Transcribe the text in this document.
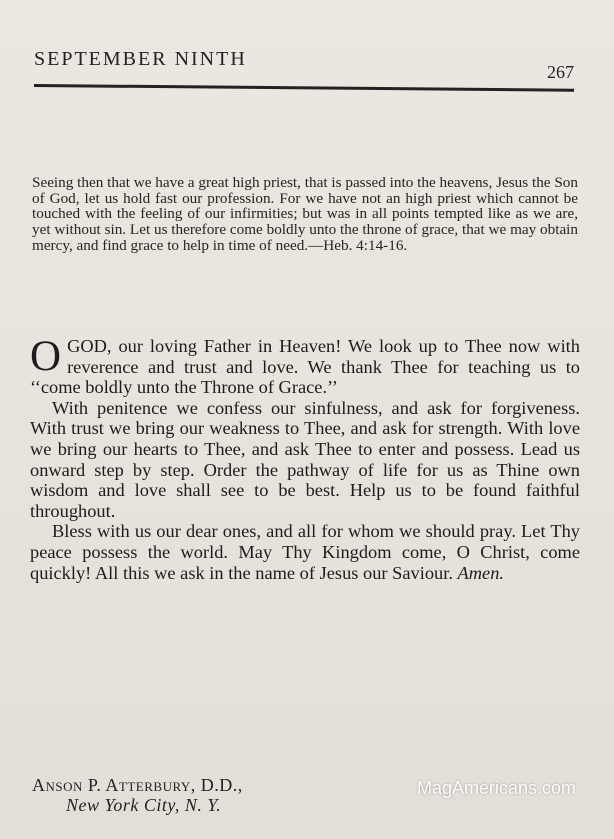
SEPTEMBER NINTH
267

Seeing then that we have a great high priest, that is passed into the heavens, Jesus the Son of God, let us hold fast our profession. For we have not an high priest which cannot be touched with the feeling of our infirmities; but was in all points tempted like as we are, yet without sin. Let us therefore come boldly unto the throne of grace, that we may obtain mercy, and find grace to help in time of need.—Heb. 4:14-16.

O GOD, our loving Father in Heaven! We look up to Thee now with reverence and trust and love. We thank Thee for teaching us to ‘‘come boldly unto the Throne of Grace.’’

With penitence we confess our sinfulness, and ask for forgiveness. With trust we bring our weakness to Thee, and ask for strength. With love we bring our hearts to Thee, and ask Thee to enter and possess. Lead us onward step by step. Order the pathway of life for us as Thine own wisdom and love shall see to be best. Help us to be found faithful throughout.

Bless with us our dear ones, and all for whom we should pray. Let Thy peace possess the world. May Thy Kingdom come, O Christ, come quickly! All this we ask in the name of Jesus our Saviour. Amen.

Anson P. Atterbury, D.D.,
New York City, N. Y.
MagAmericans.com
